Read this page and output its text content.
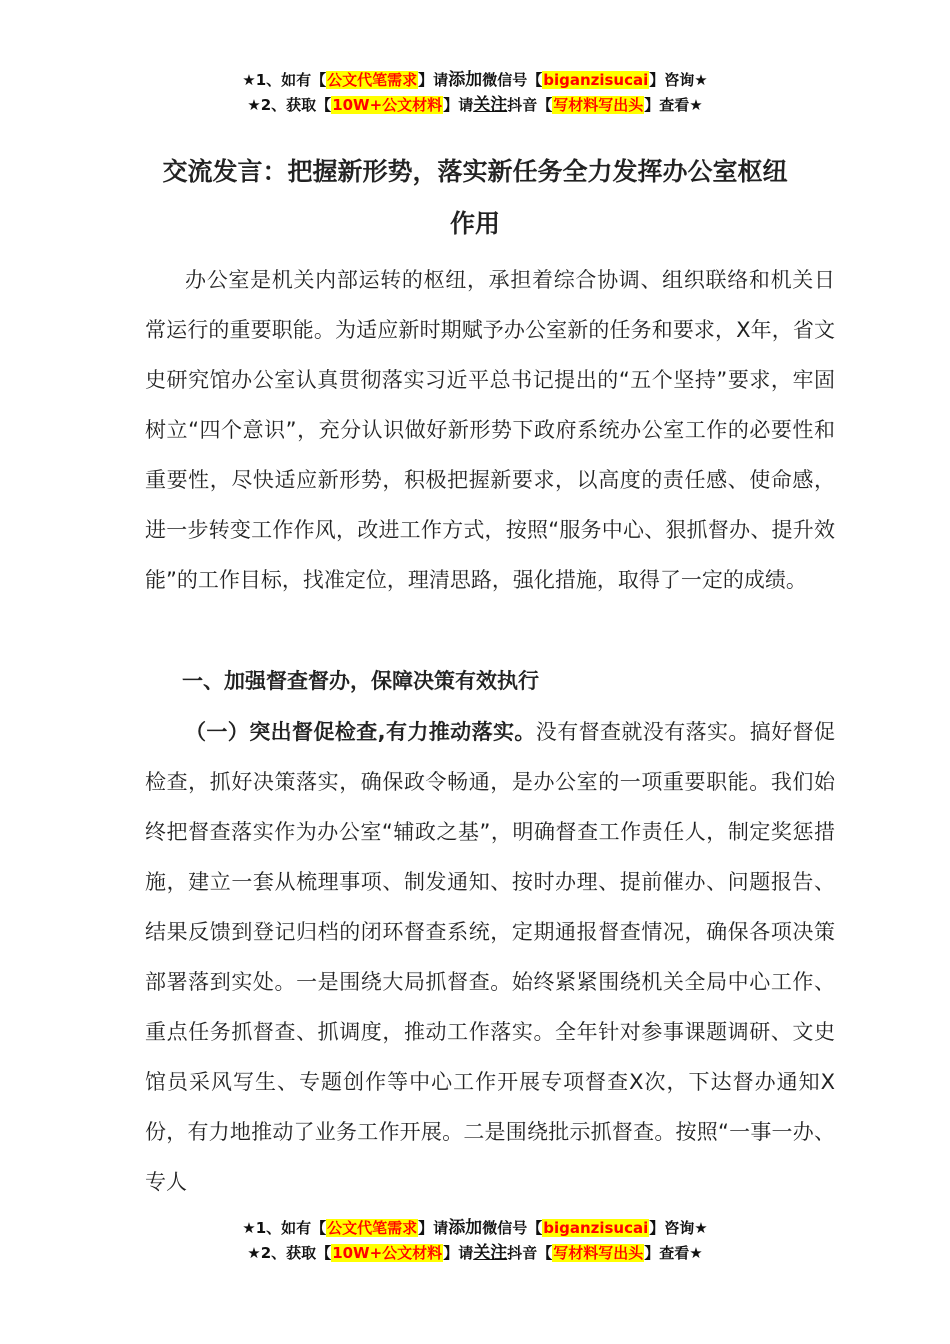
★1、如有【公文代笔需求】请添加微信号【biganzisucai】咨询★
★2、获取【10W+公文材料】请关注抖音【写材料写出头】查看★
交流发言：把握新形势，落实新任务全力发挥办公室枢纽
作用

办公室是机关内部运转的枢纽，承担着综合协调、组织联络和机关日常运行的重要职能。为适应新时期赋予办公室新的任务和要求，X年，省文史研究馆办公室认真贯彻落实习近平总书记提出的“五个坚持”要求，牢固树立“四个意识”，充分认识做好新形势下政府系统办公室工作的必要性和重要性，尽快适应新形势，积极把握新要求，以高度的责任感、使命感，进一步转变工作作风，改进工作方式，按照“服务中心、狠抓督办、提升效能”的工作目标，找准定位，理清思路，强化措施，取得了一定的成绩。

一、加强督查督办，保障决策有效执行

（一）突出督促检查,有力推动落实。没有督查就没有落实。搞好督促检查，抓好决策落实，确保政令畅通，是办公室的一项重要职能。我们始终把督查落实作为办公室“辅政之基”，明确督查工作责任人，制定奖惩措施，建立一套从梳理事项、制发通知、按时办理、提前催办、问题报告、结果反馈到登记归档的闭环督查系统，定期通报督查情况，确保各项决策部署落到实处。一是围绕大局抓督查。始终紧紧围绕机关全局中心工作、重点任务抓督查、抓调度，推动工作落实。全年针对参事课题调研、文史馆员采风写生、专题创作等中心工作开展专项督查X次，下达督办通知X份，有力地推动了业务工作开展。二是围绕批示抓督查。按照“一事一办、专人

★1、如有【公文代笔需求】请添加微信号【biganzisucai】咨询★
★2、获取【10W+公文材料】请关注抖音【写材料写出头】查看★
